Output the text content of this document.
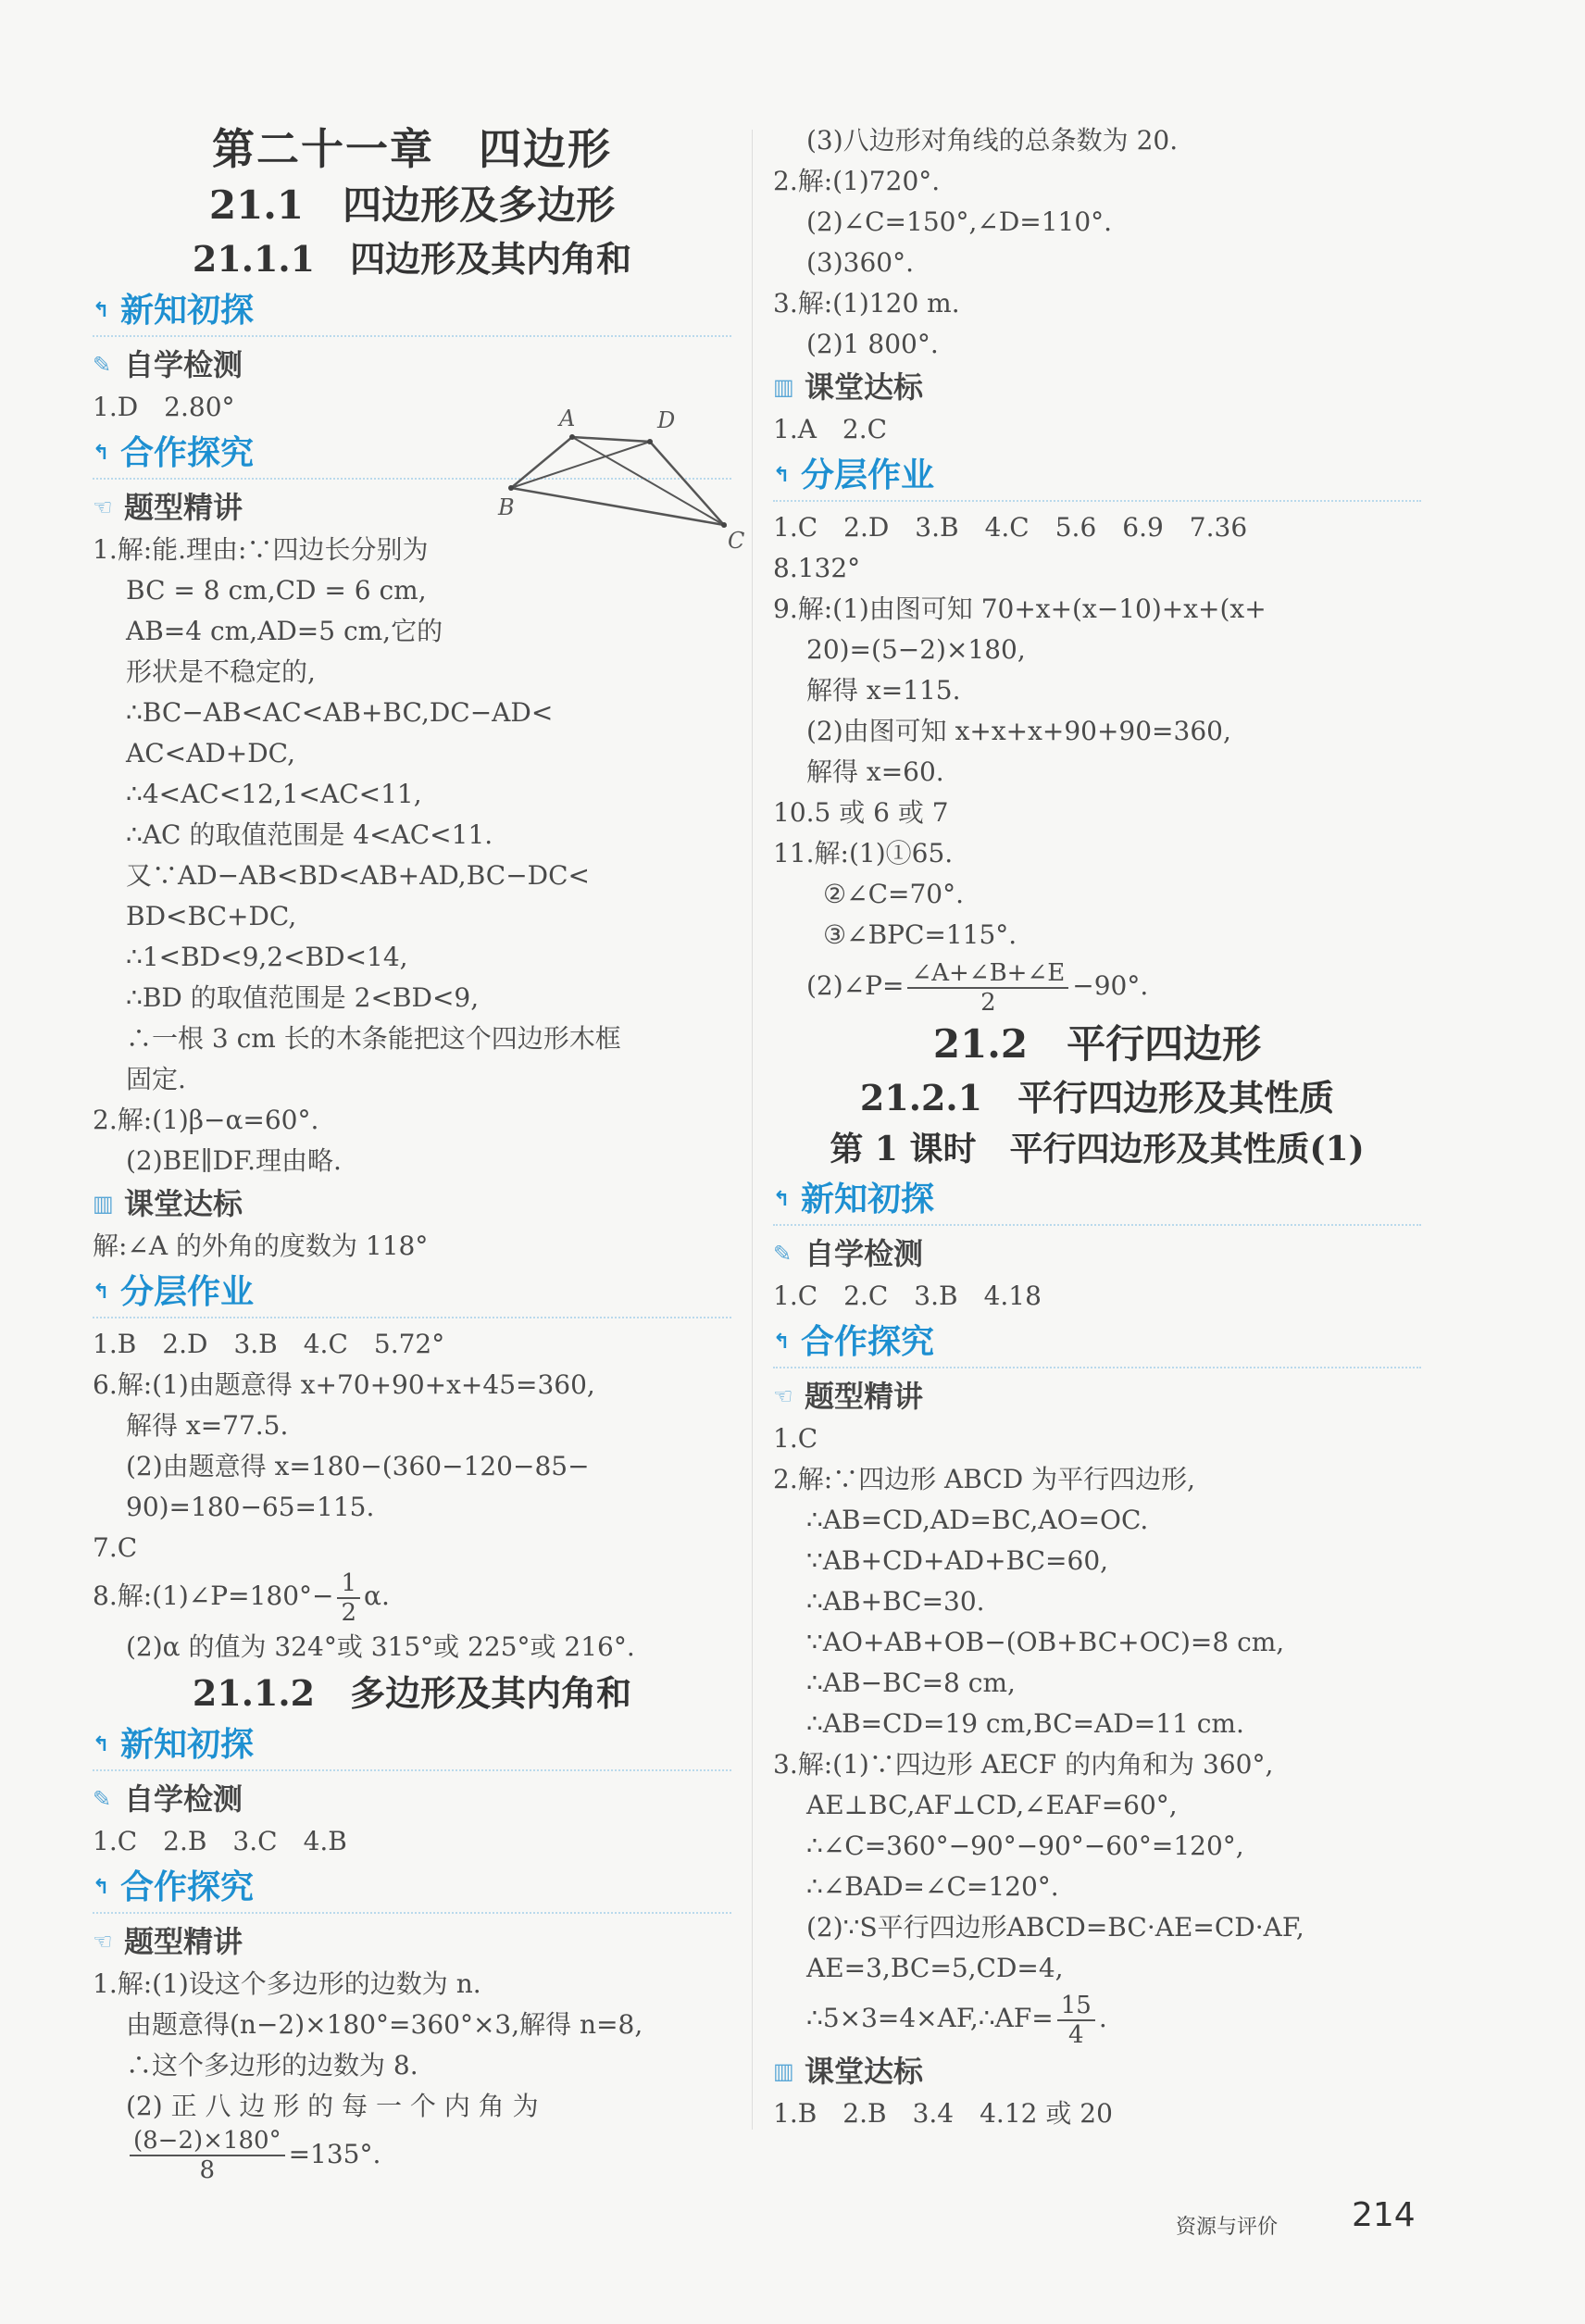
第二十一章　四边形
21.1　四边形及多边形
21.1.1　四边形及其内角和
↰ 新知初探
✎ 自学检测
1.D　2.80°
↰ 合作探究
☜ 题型精讲
1.解:能.理由:∵四边长分别为
BC = 8 cm,CD = 6 cm,
AB=4 cm,AD=5 cm,它的
形状是不稳定的,
∴BC−AB<AC<AB+BC,DC−AD<
AC<AD+DC,
∴4<AC<12,1<AC<11,
∴AC 的取值范围是 4<AC<11.
又∵AD−AB<BD<AB+AD,BC−DC<
BD<BC+DC,
∴1<BD<9,2<BD<14,
∴BD 的取值范围是 2<BD<9,
∴一根 3 cm 长的木条能把这个四边形木框
固定.
2.解:(1)β−α=60°.
(2)BE∥DF.理由略.
▥ 课堂达标
解:∠A 的外角的度数为 118°
↰ 分层作业
1.B　2.D　3.B　4.C　5.72°
6.解:(1)由题意得 x+70+90+x+45=360,
解得 x=77.5.
(2)由题意得 x=180−(360−120−85−
90)=180−65=115.
7.C
8.解:(1)∠P=180°− $\frac{1}{2} \alpha$.
(2)α 的值为 324°或 315°或 225°或 216°.
21.1.2　多边形及其内角和
↰ 新知初探
✎ 自学检测
1.C　2.B　3.C　4.B
↰ 合作探究
☜ 题型精讲
1.解:(1)设这个多边形的边数为 n.
由题意得(n−2)×180°=360°×3,解得 n=8,
∴这个多边形的边数为 8.
(2) 正 八 边 形 的 每 一 个 内 角 为
$\frac{(8-2)\times 180^\circ}{8} =135^\circ$.
A	D
C
B
(3)八边形对角线的总条数为 20.
2.解:(1)720°.
(2)∠C=150°,∠D=110°.
(3)360°.
3.解:(1)120 m.
(2)1 800°.
▥ 课堂达标
1.A　2.C
↰ 分层作业
1.C　2.D　3.B　4.C　5.6　6.9　7.36
8.132°
9.解:(1)由图可知 70+x+(x−10)+x+(x+
20)=(5−2)×180,
解得 x=115.
(2)由图可知 x+x+x+90+90=360,
解得 x=60.
10.5 或 6 或 7
11.解:(1)①65.
②∠C=70°.
③∠BPC=115°.
(2)∠P= $\frac{\angle A+\angle B+\angle E}{2} -90^\circ$.
21.2　平行四边形
21.2.1　平行四边形及其性质
第 1 课时　平行四边形及其性质(1)
↰ 新知初探
✎ 自学检测
1.C　2.C　3.B　4.18
↰ 合作探究
☜ 题型精讲
1.C
2.解:∵四边形 ABCD 为平行四边形,
∴AB=CD,AD=BC,AO=OC.
∵AB+CD+AD+BC=60,
∴AB+BC=30.
∵AO+AB+OB−(OB+BC+OC)=8 cm,
∴AB−BC=8 cm,
∴AB=CD=19 cm,BC=AD=11 cm.
3.解:(1)∵四边形 AECF 的内角和为 360°,
AE⊥BC,AF⊥CD,∠EAF=60°,
∴∠C=360°−90°−90°−60°=120°,
∴∠BAD=∠C=120°.
(2)∵S平行四边形ABCD=BC·AE=CD·AF,
AE=3,BC=5,CD=4,
∴5×3=4×AF,∴AF= $\frac{15}{4}$ .
▥ 课堂达标
1.B　2.B　3.4　4.12 或 20
资源与评价 214
